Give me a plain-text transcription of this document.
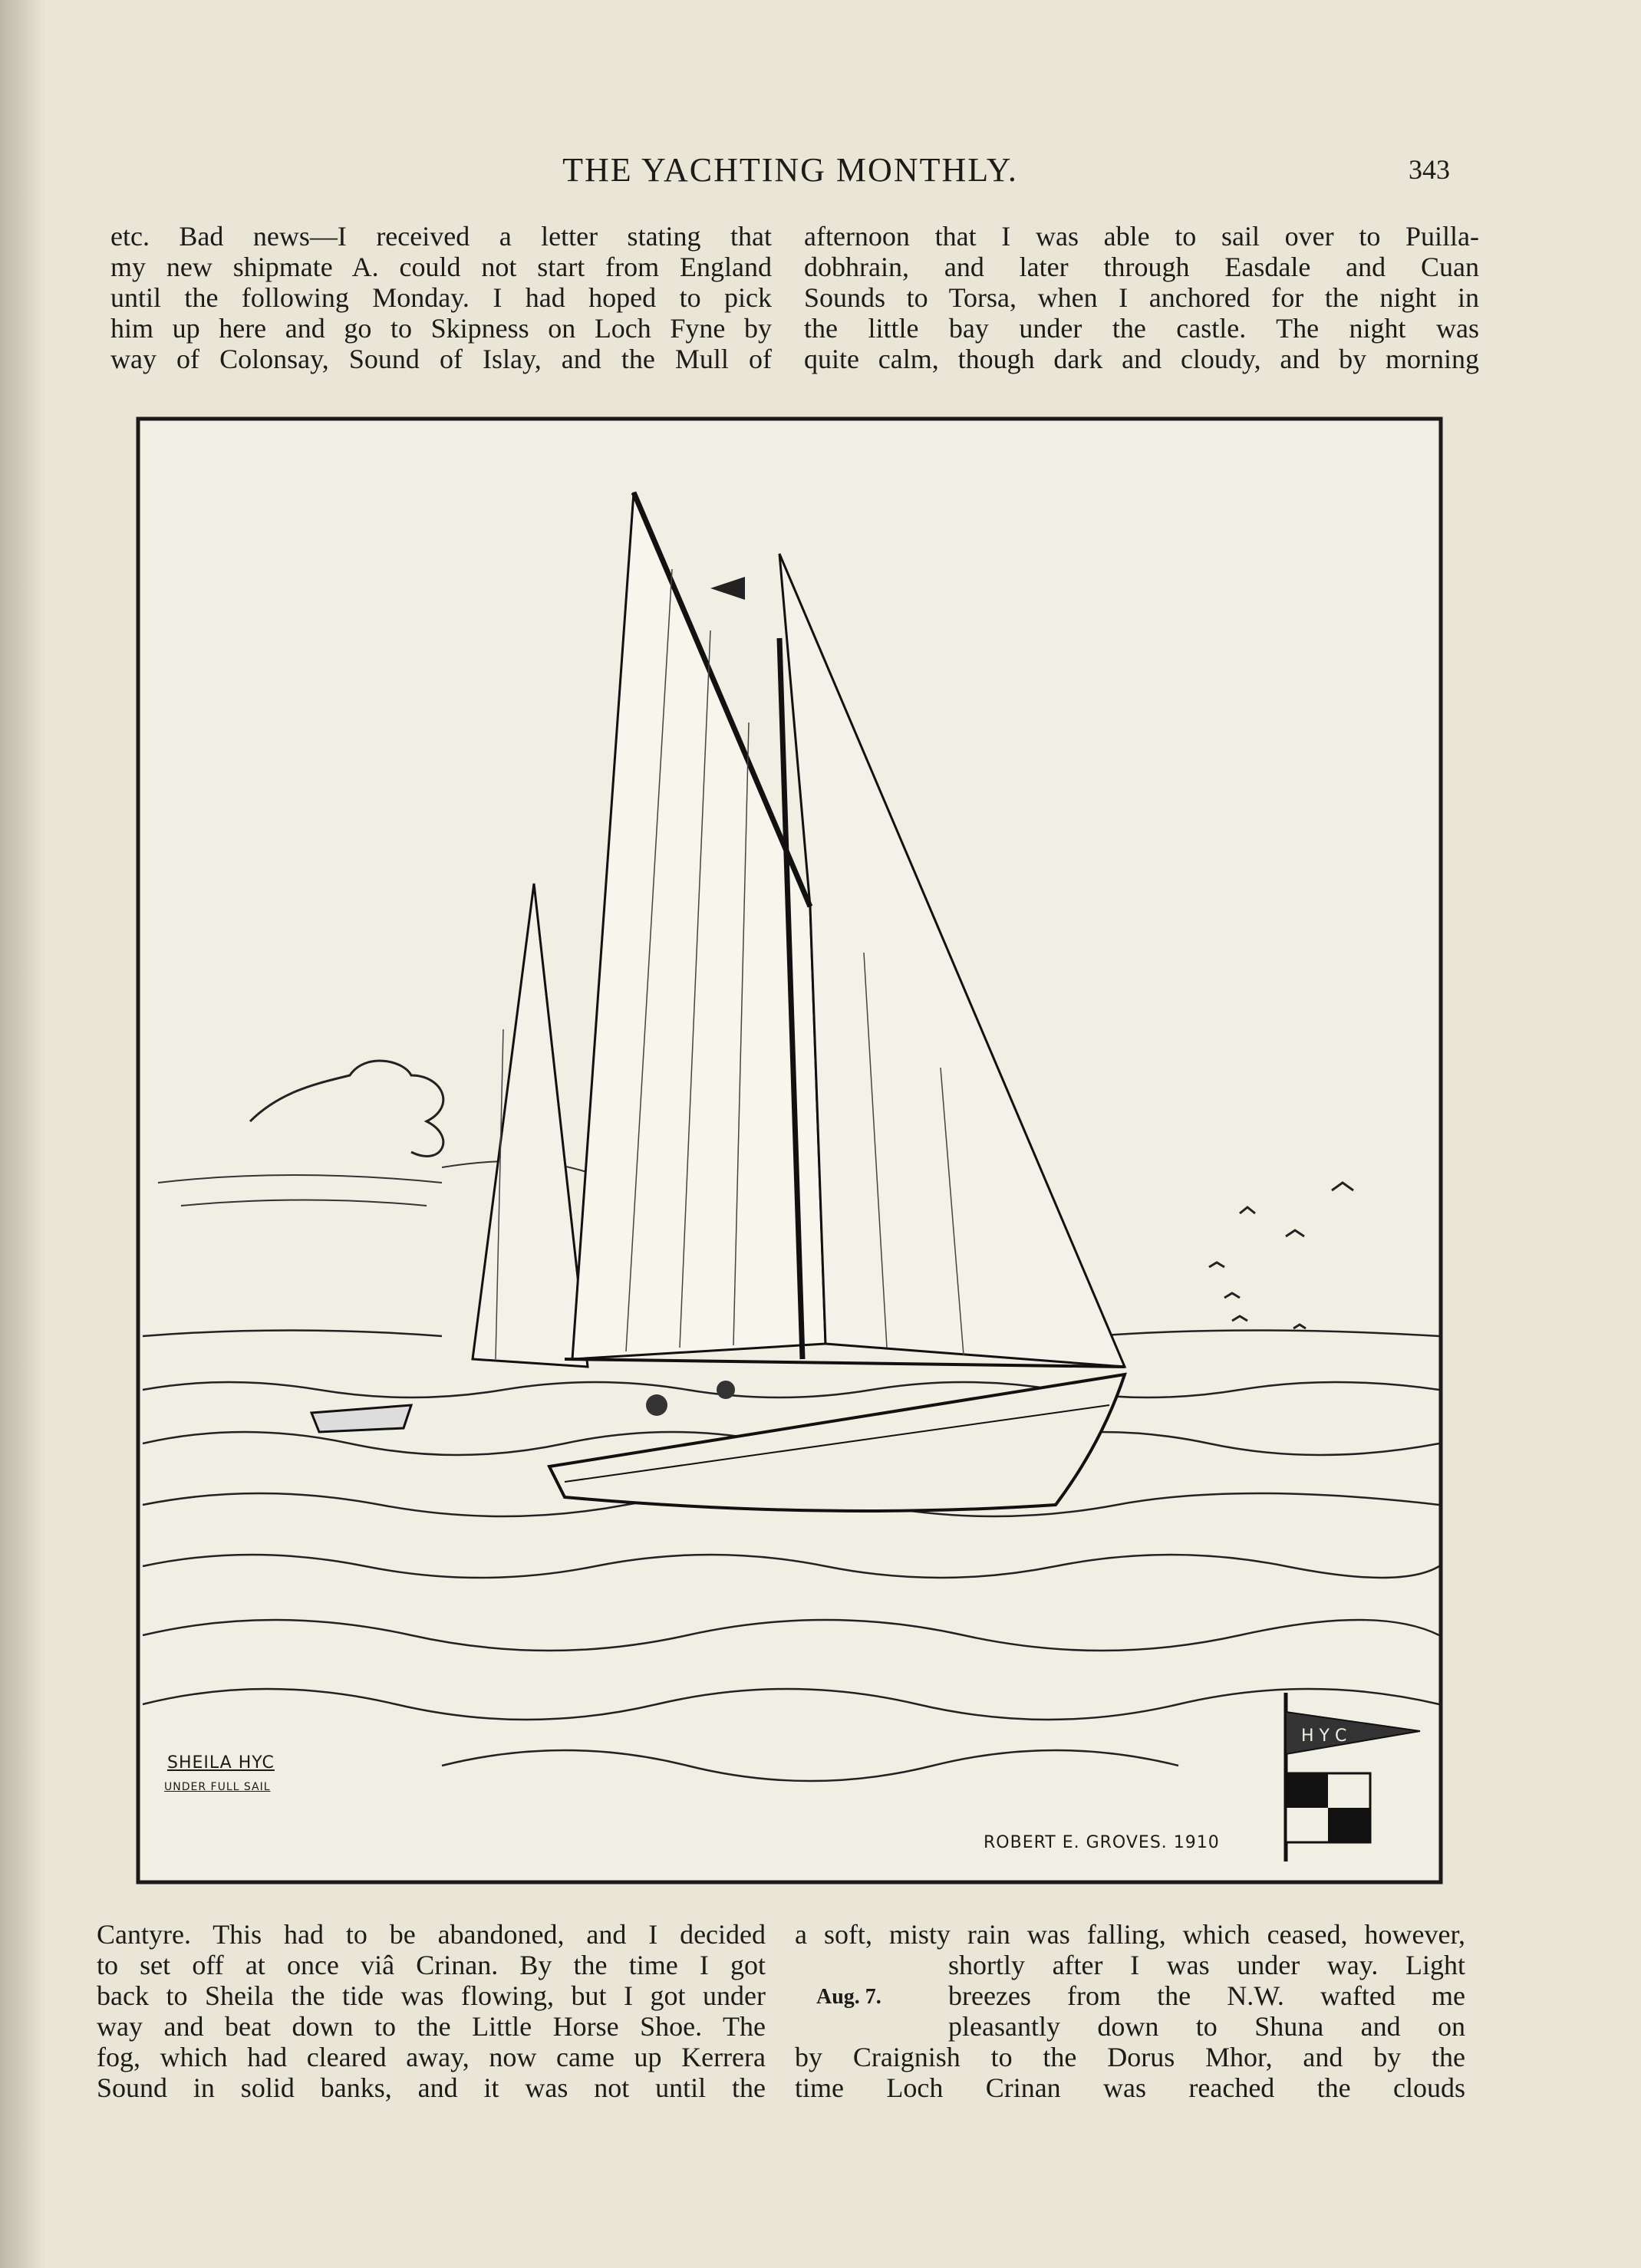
THE YACHTING MONTHLY.	343
etc. Bad news—I received a letter stating that
my new shipmate A. could not start from England
until the following Monday. I had hoped to pick
him up here and go to Skipness on Loch Fyne by
way of Colonsay, Sound of Islay, and the Mull of
afternoon that I was able to sail over to Puilla-
dobhrain, and later through Easdale and Cuan
Sounds to Torsa, when I anchored for the night in
the little bay under the castle. The night was
quite calm, though dark and cloudy, and by morning
H Y C
SHEILA HYC
UNDER FULL SAIL
ROBERT E. GROVES. 1910
Cantyre. This had to be abandoned, and I decided
to set off at once viâ Crinan. By the time I got
back to Sheila the tide was flowing, but I got under
way and beat down to the Little Horse Shoe. The
fog, which had cleared away, now came up Kerrera
Sound in solid banks, and it was not until the
Aug. 7.
a soft, misty rain was falling, which ceased, however,
shortly after I was under way. Light
breezes from the N.W. wafted me
pleasantly down to Shuna and on
by Craignish to the Dorus Mhor, and by the
time Loch Crinan was reached the clouds
